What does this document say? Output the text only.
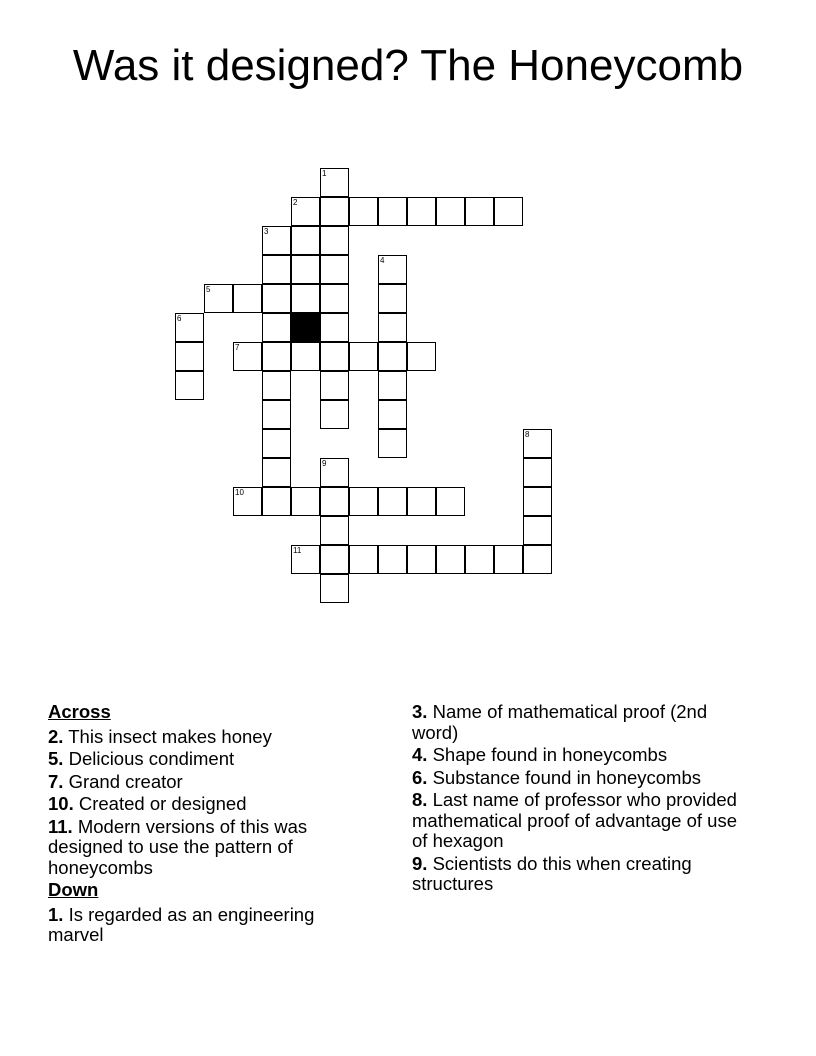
Was it designed? The Honeycomb
1
2
3
4
5
6
7
8
9
10
11
Across
2. This insect makes honey
5. Delicious condiment
7. Grand creator
10. Created or designed
11. Modern versions of this was designed to use the pattern of honeycombs
Down
1. Is regarded as an engineering marvel
3. Name of mathematical proof (2nd word)
4. Shape found in honeycombs
6. Substance found in honeycombs
8. Last name of professor who provided mathematical proof of advantage of use of hexagon
9. Scientists do this when creating structures
